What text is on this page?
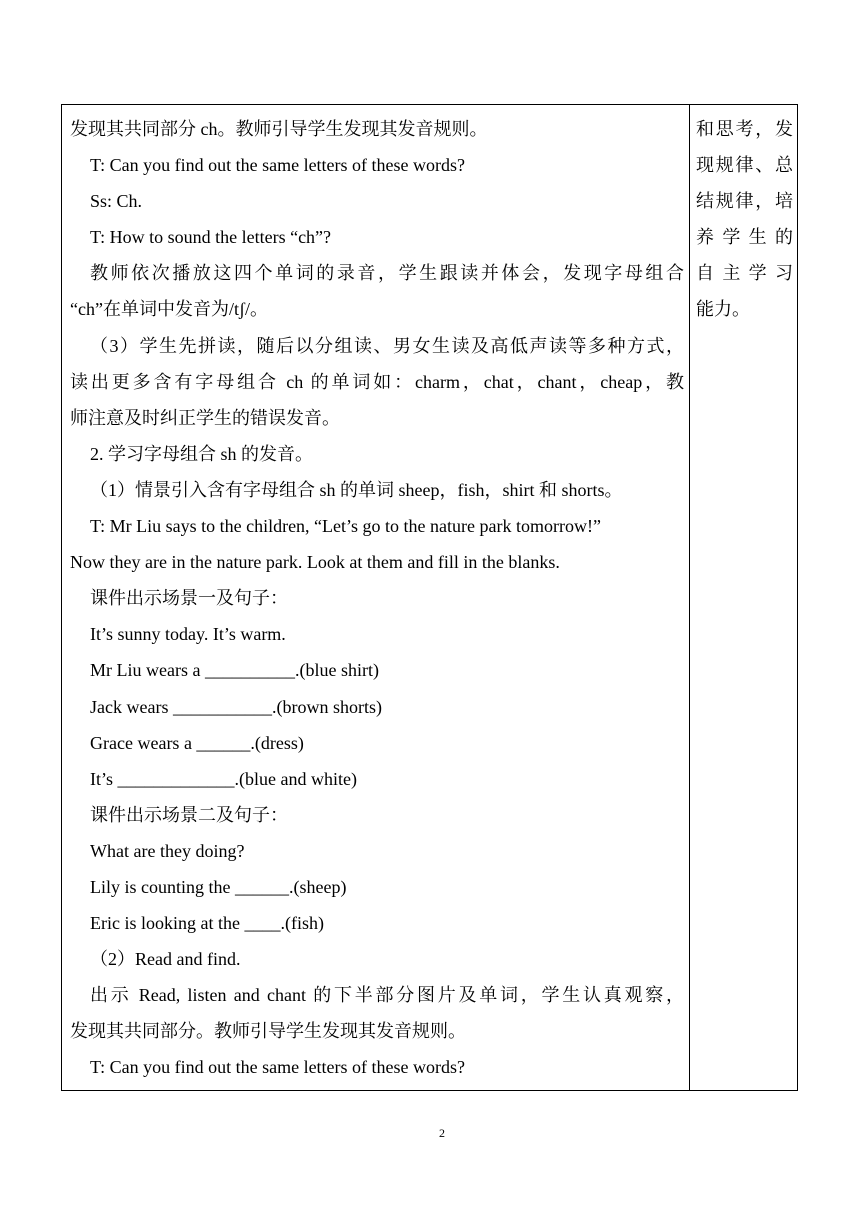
发现其共同部分 ch。教师引导学生发现其发音规则。
T: Can you find out the same letters of these words?
Ss: Ch.
T: How to sound the letters “ch”?
教师依次播放这四个单词的录音，学生跟读并体会，发现字母组合
“ch”在单词中发音为/tʃ/。
（3）学生先拼读，随后以分组读、男女生读及高低声读等多种方式，
读出更多含有字母组合 ch 的单词如：charm，chat，chant，cheap，教
师注意及时纠正学生的错误发音。
2. 学习字母组合 sh 的发音。
（1）情景引入含有字母组合 sh 的单词 sheep，fish，shirt 和 shorts。
T: Mr Liu says to the children, “Let’s go to the nature park tomorrow!”
Now they are in the nature park. Look at them and fill in the blanks.
课件出示场景一及句子：
It’s sunny today. It’s warm.
Mr Liu wears a __________.(blue shirt)
Jack wears ___________.(brown shorts)
Grace wears a ______.(dress)
It’s _____________.(blue and white)
课件出示场景二及句子：
What are they doing?
Lily is counting the ______.(sheep)
Eric is looking at the ____.(fish)
（2）Read and find.
出示 Read, listen and chant 的下半部分图片及单词，学生认真观察，
发现其共同部分。教师引导学生发现其发音规则。
T: Can you find out the same letters of these words?
和思考，发
现规律、总
结规律，培
养学生的
自主学习
能力。
2
